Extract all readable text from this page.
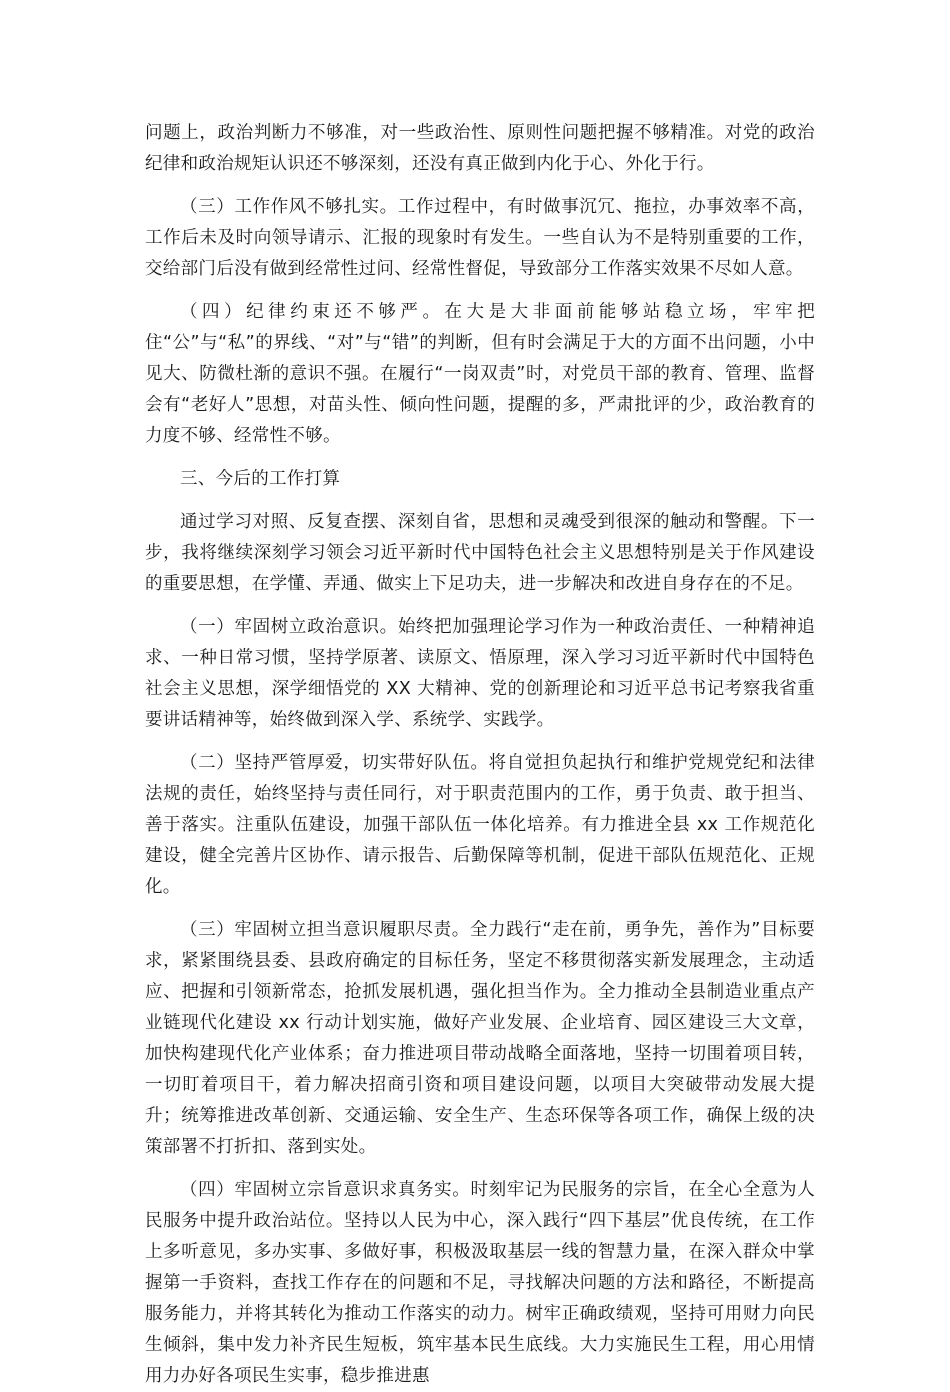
问题上，政治判断力不够准，对一些政治性、原则性问题把握不够精准。对党的政治纪律和政治规矩认识还不够深刻，还没有真正做到内化于心、外化于行。

（三）工作作风不够扎实。工作过程中，有时做事沉冗、拖拉，办事效率不高，工作后未及时向领导请示、汇报的现象时有发生。一些自认为不是特别重要的工作，交给部门后没有做到经常性过问、经常性督促，导致部分工作落实效果不尽如人意。

（四）纪律约束还不够严。在大是大非面前能够站稳立场，牢牢把住“公”与“私”的界线、“对”与“错”的判断，但有时会满足于大的方面不出问题，小中见大、防微杜渐的意识不强。在履行“一岗双责”时，对党员干部的教育、管理、监督会有“老好人”思想，对苗头性、倾向性问题，提醒的多，严肃批评的少，政治教育的力度不够、经常性不够。

三、今后的工作打算

通过学习对照、反复查摆、深刻自省，思想和灵魂受到很深的触动和警醒。下一步，我将继续深刻学习领会习近平新时代中国特色社会主义思想特别是关于作风建设的重要思想，在学懂、弄通、做实上下足功夫，进一步解决和改进自身存在的不足。

（一）牢固树立政治意识。始终把加强理论学习作为一种政治责任、一种精神追求、一种日常习惯，坚持学原著、读原文、悟原理，深入学习习近平新时代中国特色社会主义思想，深学细悟党的 XX 大精神、党的创新理论和习近平总书记考察我省重要讲话精神等，始终做到深入学、系统学、实践学。

（二）坚持严管厚爱，切实带好队伍。将自觉担负起执行和维护党规党纪和法律法规的责任，始终坚持与责任同行，对于职责范围内的工作，勇于负责、敢于担当、善于落实。注重队伍建设，加强干部队伍一体化培养。有力推进全县 xx 工作规范化建设，健全完善片区协作、请示报告、后勤保障等机制，促进干部队伍规范化、正规化。

（三）牢固树立担当意识履职尽责。全力践行“走在前，勇争先，善作为”目标要求，紧紧围绕县委、县政府确定的目标任务，坚定不移贯彻落实新发展理念，主动适应、把握和引领新常态，抢抓发展机遇，强化担当作为。全力推动全县制造业重点产业链现代化建设 xx 行动计划实施，做好产业发展、企业培育、园区建设三大文章，加快构建现代化产业体系；奋力推进项目带动战略全面落地，坚持一切围着项目转，一切盯着项目干，着力解决招商引资和项目建设问题，以项目大突破带动发展大提升；统筹推进改革创新、交通运输、安全生产、生态环保等各项工作，确保上级的决策部署不打折扣、落到实处。

（四）牢固树立宗旨意识求真务实。时刻牢记为民服务的宗旨，在全心全意为人民服务中提升政治站位。坚持以人民为中心，深入践行“四下基层”优良传统，在工作上多听意见，多办实事、多做好事，积极汲取基层一线的智慧力量，在深入群众中掌握第一手资料，查找工作存在的问题和不足，寻找解决问题的方法和路径，不断提高服务能力，并将其转化为推动工作落实的动力。树牢正确政绩观，坚持可用财力向民生倾斜，集中发力补齐民生短板，筑牢基本民生底线。大力实施民生工程，用心用情用力办好各项民生实事，稳步推进惠
